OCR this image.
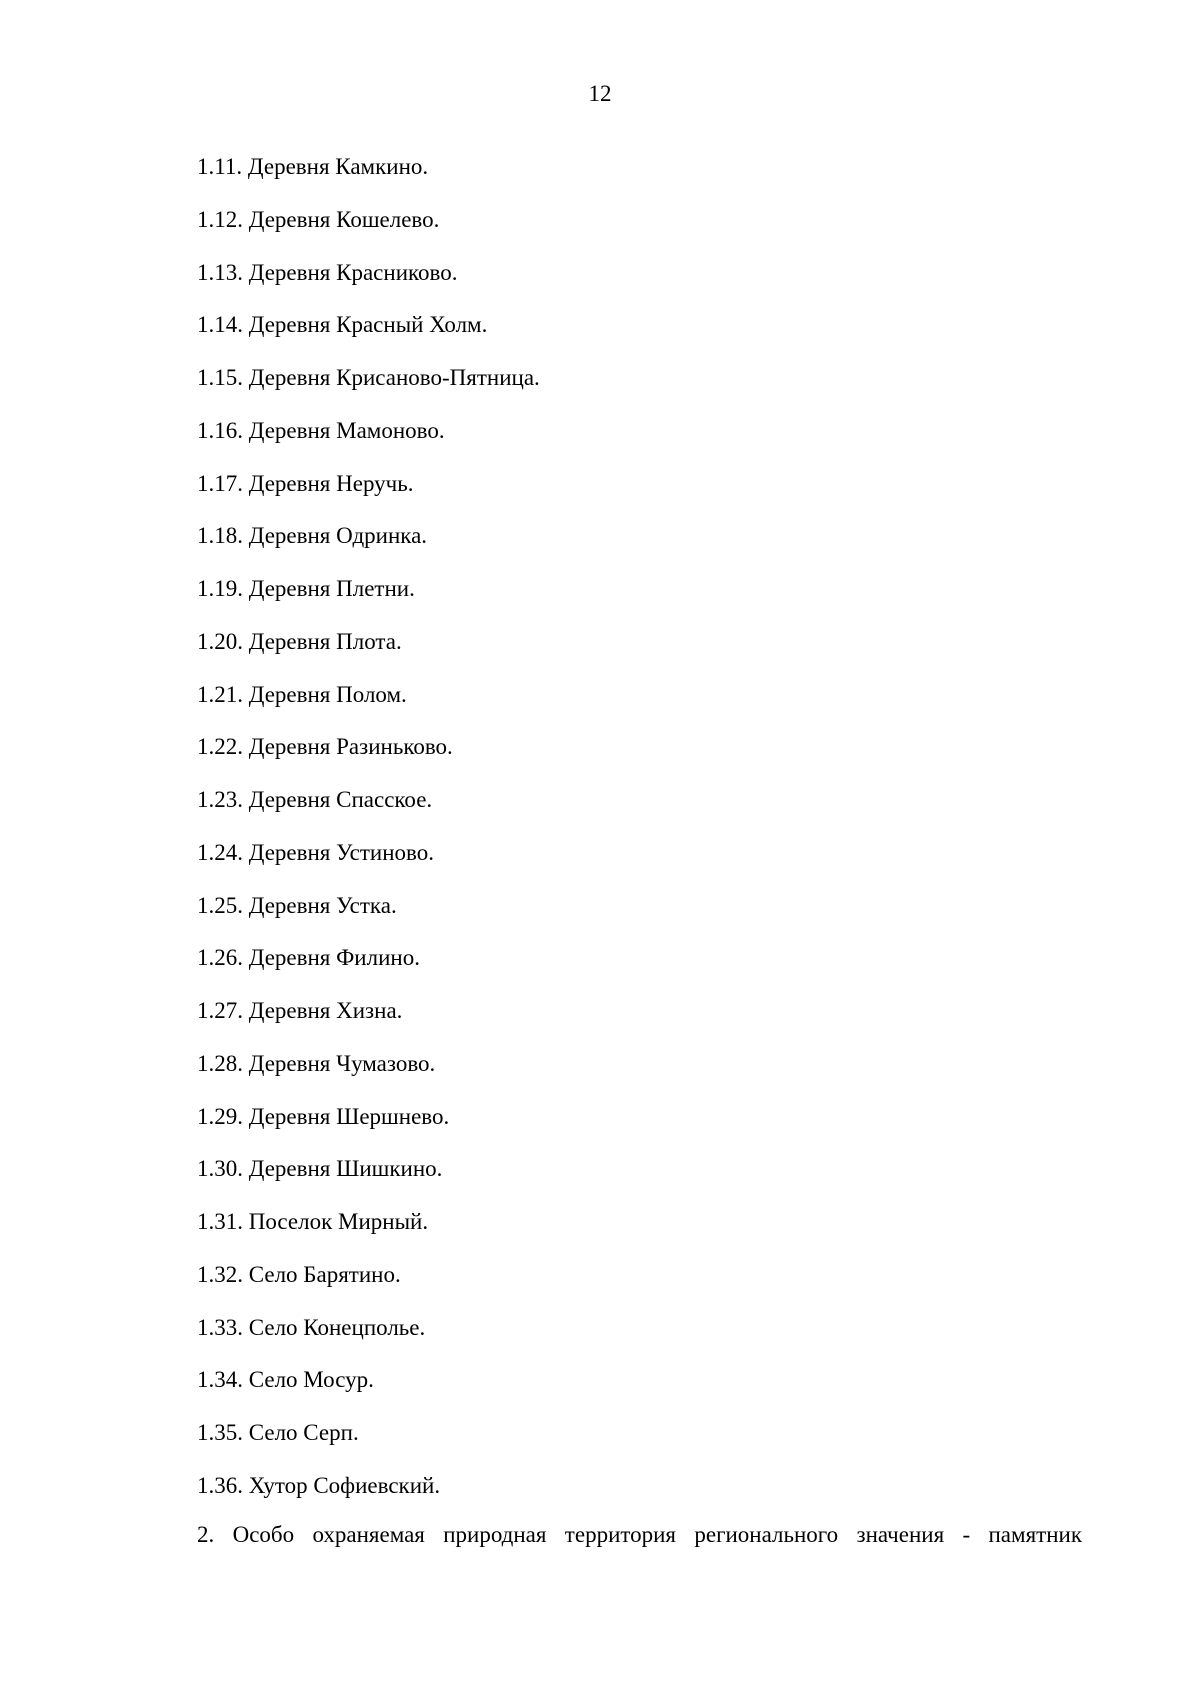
12
1.11. Деревня Камкино.
1.12. Деревня Кошелево.
1.13. Деревня Красниково.
1.14. Деревня Красный Холм.
1.15. Деревня Крисаново-Пятница.
1.16. Деревня Мамоново.
1.17. Деревня Неручь.
1.18. Деревня Одринка.
1.19. Деревня Плетни.
1.20. Деревня Плота.
1.21. Деревня Полом.
1.22. Деревня Разиньково.
1.23. Деревня Спасское.
1.24. Деревня Устиново.
1.25. Деревня Устка.
1.26. Деревня Филино.
1.27. Деревня Хизна.
1.28. Деревня Чумазово.
1.29. Деревня Шершнево.
1.30. Деревня Шишкино.
1.31. Поселок Мирный.
1.32. Село Барятино.
1.33. Село Конецполье.
1.34. Село Мосур.
1.35. Село Серп.
1.36. Хутор Софиевский.
2. Особо охраняемая природная территория регионального значения - памятник
